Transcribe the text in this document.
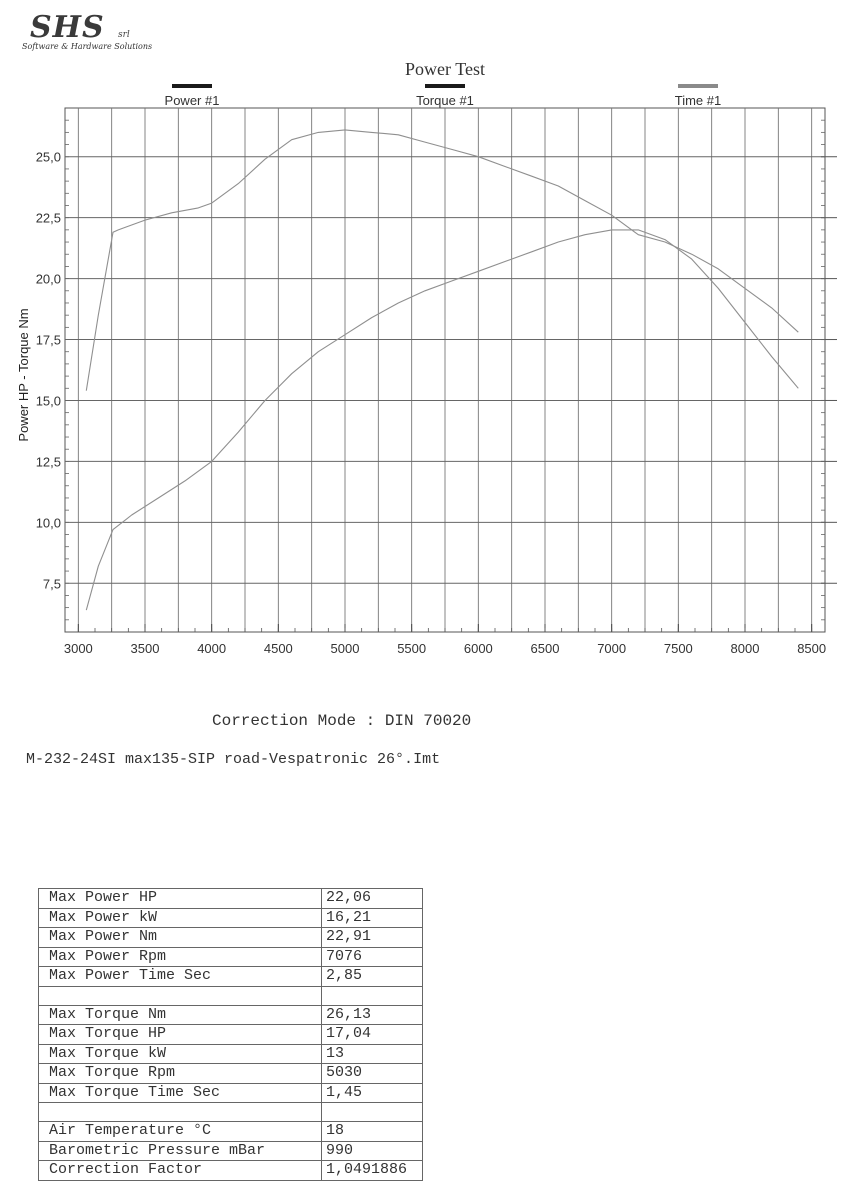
SHS srl
Software & Hardware Solutions
3000	3500	4000	4500	5000	5500	6000	6500	7000	7500	8000	8500
7,5
10,0
12,5
15,0
17,5
20,0
22,5
25,0
Power #1	Torque #1	Time #1
Power Test
Power HP - Torque Nm
Correction Mode : DIN 70020
M-232-24SI max135-SIP road-Vespatronic 26°.Imt
Max Power HP	22,06
Max Power kW	16,21
Max Power Nm	22,91
Max Power Rpm	7076
Max Power Time Sec	2,85

Max Torque Nm	26,13
Max Torque HP	17,04
Max Torque kW	13
Max Torque Rpm	5030
Max Torque Time Sec	1,45

Air Temperature °C	18
Barometric Pressure mBar	990
Correction Factor	1,0491886
